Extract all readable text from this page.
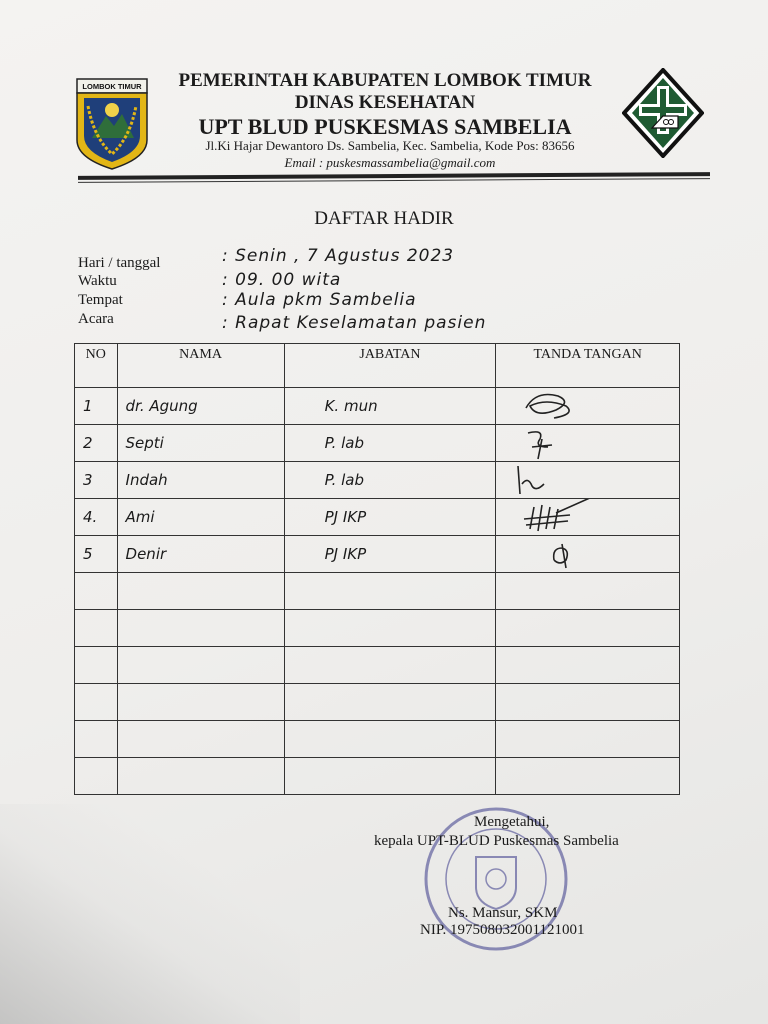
LOMBOK TIMUR	PEMERINTAH KABUPATEN LOMBOK TIMUR
DINAS KESEHATAN
UPT BLUD PUSKESMAS SAMBELIA
Jl.Ki Hajar Dewantoro Ds. Sambelia, Kec. Sambelia, Kode Pos: 83656
Email : puskesmassambelia@gmail.com
DAFTAR HADIR
Hari / tanggal	: Senin , 7 Agustus 2023
Waktu	: 09. 00 wita
Tempat	: Aula pkm Sambelia
Acara	: Rapat Keselamatan pasien
NO	NAMA	JABATAN	TANDA TANGAN
1	dr. Agung	K. mun	

2	Septi	P. lab	

3	Indah	P. lab	

4.	Ami	PJ IKP	

5	Denir	PJ IKP	

Mengetahui,
kepala UPT-BLUD Puskesmas Sambelia
Ns. Mansur, SKM
NIP. 197508032001121001
